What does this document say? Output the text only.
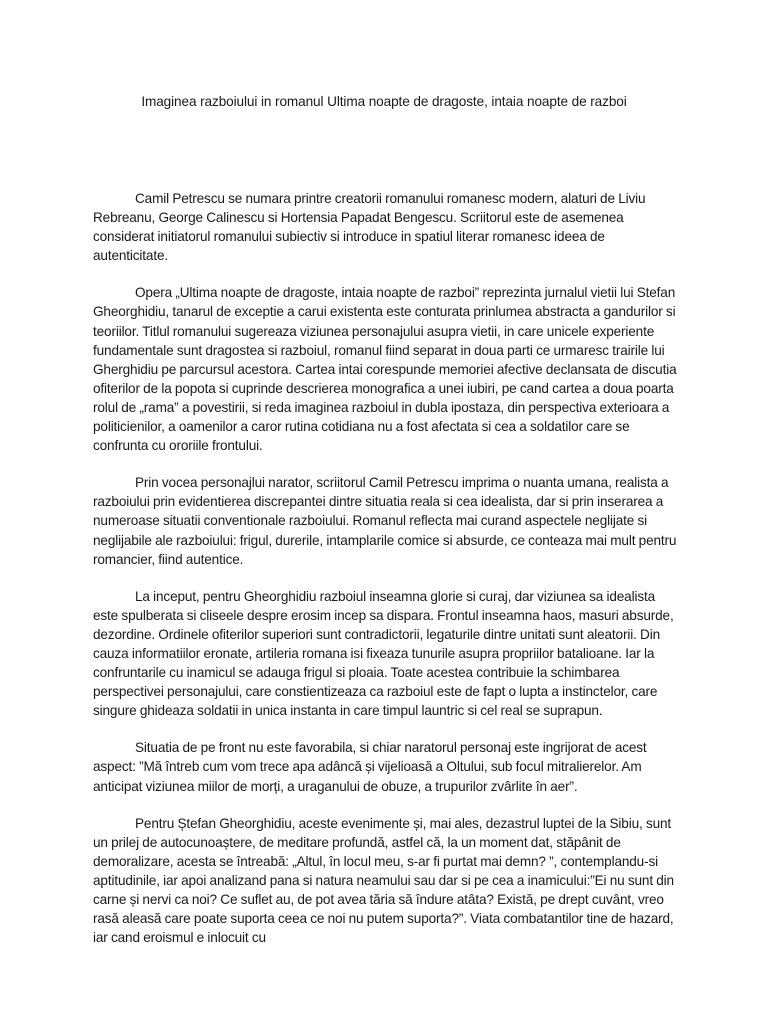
Imaginea razboiului in romanul Ultima noapte de dragoste, intaia noapte de razboi

Camil Petrescu se numara printre creatorii romanului romanesc modern, alaturi de Liviu Rebreanu, George Calinescu si Hortensia Papadat Bengescu. Scriitorul este de asemenea considerat initiatorul romanului subiectiv si introduce in spatiul literar romanesc ideea de autenticitate.

Opera „Ultima noapte de dragoste, intaia noapte de razboi” reprezinta jurnalul vietii lui Stefan Gheorghidiu, tanarul de exceptie a carui existenta este conturata prinlumea abstracta a gandurilor si teoriilor. Titlul romanului sugereaza viziunea personajului asupra vietii, in care unicele experiente fundamentale sunt dragostea si razboiul, romanul fiind separat in doua parti ce urmaresc trairile lui Gherghidiu pe parcursul acestora. Cartea intai corespunde memoriei afective declansata de discutia ofiterilor de la popota si cuprinde descrierea monografica a unei iubiri, pe cand cartea a doua poarta rolul de „rama” a povestirii, si reda imaginea razboiul in dubla ipostaza, din perspectiva exterioara a politicienilor, a oamenilor a caror rutina cotidiana nu a fost afectata si cea a soldatilor care se confrunta cu ororiile frontului.

Prin vocea personajlui narator, scriitorul Camil Petrescu imprima o nuanta umana, realista a razboiului prin evidentierea discrepantei dintre situatia reala si cea idealista, dar si prin inserarea a numeroase situatii conventionale razboiului. Romanul reflecta mai curand aspectele neglijate si neglijabile ale razboiului: frigul, durerile, intamplarile comice si absurde, ce conteaza mai mult pentru romancier, fiind autentice.

La inceput, pentru Gheorghidiu razboiul inseamna glorie si curaj, dar viziunea sa idealista este spulberata si cliseele despre erosim incep sa dispara. Frontul inseamna haos, masuri absurde, dezordine. Ordinele ofiterilor superiori sunt contradictorii, legaturile dintre unitati sunt aleatorii. Din cauza informatiilor eronate, artileria romana isi fixeaza tunurile asupra propriilor batalioane. Iar la confruntarile cu inamicul se adauga frigul si ploaia. Toate acestea contribuie la schimbarea perspectivei personajului, care constientizeaza ca razboiul este de fapt o lupta a instinctelor, care singure ghideaza soldatii in unica instanta in care timpul launtric si cel real se suprapun.

Situatia de pe front nu este favorabila, si chiar naratorul personaj este ingrijorat de acest aspect: ”Mă întreb cum vom trece apa adâncă și vijelioasă a Oltului, sub focul mitralierelor. Am anticipat viziunea miilor de morți, a uraganului de obuze, a trupurilor zvârlite în aer”.

Pentru Ștefan Gheorghidiu, aceste evenimente și, mai ales, dezastrul luptei de la Sibiu, sunt un prilej de autocunoaștere, de meditare profundă, astfel că, la un moment dat, stăpânit de demoralizare, acesta se întreabă: „Altul, în locul meu, s-ar fi purtat mai demn? ”, contemplandu-si aptitudinile, iar apoi analizand pana si natura neamului sau dar si pe cea a inamicului:”Ei nu sunt din carne și nervi ca noi? Ce suflet au, de pot avea tăria să îndure atâta? Există, pe drept cuvânt, vreo rasă aleasă care poate suporta ceea ce noi nu putem suporta?”. Viata combatantilor tine de hazard, iar cand eroismul e inlocuit cu
